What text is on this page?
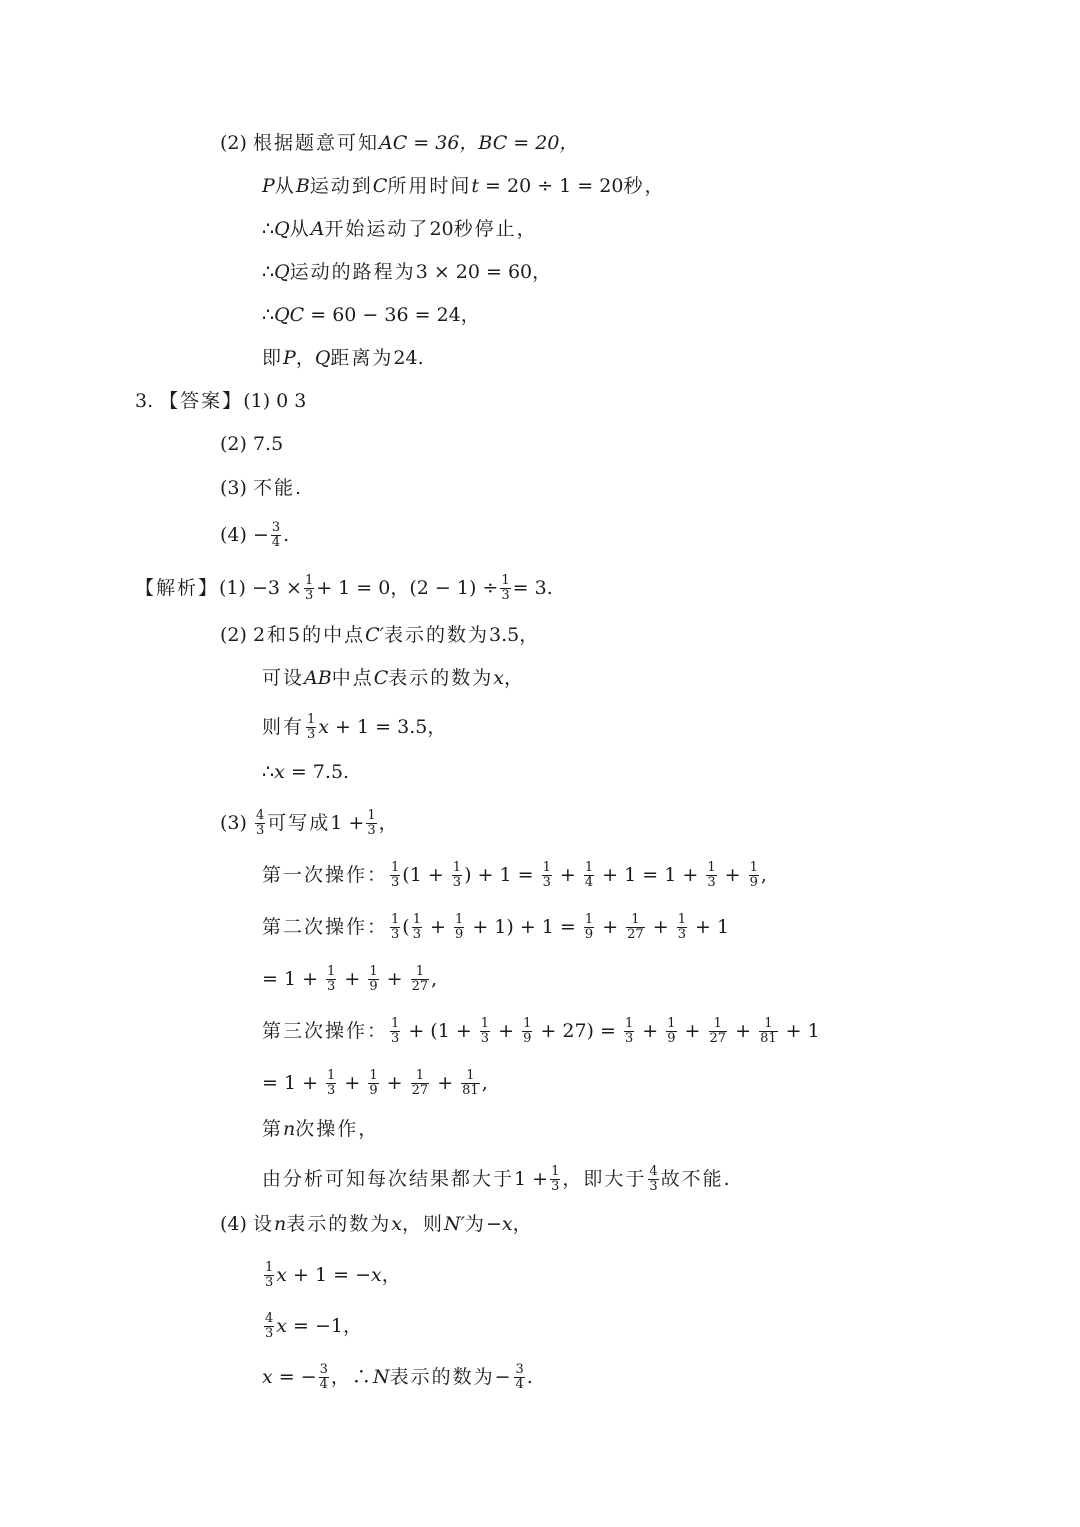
(2) 根据题意可知AC = 36，BC = 20，
P从B运动到C所用时间t = 20 ÷ 1 = 20秒，
∴Q从A开始运动了20秒停止，
∴Q运动的路程为3 × 20 = 60，
∴QC = 60 − 36 = 24，
即P，Q距离为24.
3. 【答案】(1) 0 3
(2) 7.5
(3) 不能.
$(4) - \frac{3}{4}$ .
【解析】$(1) -3 \times \frac{1}{3} + 1 = 0$，$(2 - 1) \div \frac{1}{3} = 3$.
(2) 2和5的中点C′表示的数为3.5，
可设AB中点C表示的数为x，
则有 $\frac{1}{3}$ x + 1 = 3.5，
∴x = 7.5.
$(3) \frac{4}{3}$ 可写成$1 + \frac{1}{3}$ ，
第一次操作： $\frac{1}{3} (1 + \frac{1}{3}$ ) + $1 = \frac{1}{3} + \frac{1}{4} + 1 = 1 + \frac{1}{3} + \frac{1}{9}$ ,
第二次操作： $\frac{1}{3}$ ( $\frac{1}{3} + \frac{1}{9} + 1) + 1 = \frac{1}{9} + \frac{1}{27} + \frac{1}{3} + 1$
= $1 + \frac{1}{3} + \frac{1}{9} + \frac{1}{27}$ ,
第三次操作： $\frac{1}{3} + (1 + \frac{1}{3} + \frac{1}{9} + 27) = \frac{1}{3} + \frac{1}{9} + \frac{1}{27} + \frac{1}{81} + 1$
= $1 + \frac{1}{3} + \frac{1}{9} + \frac{1}{27} + \frac{1}{81}$ ,
第n次操作，
由分析可知每次结果都大于$1 + \frac{1}{3}$ ，即大于 $\frac{4}{3}$ 故不能.
(4) 设n表示的数为x，则N′为−x，
$\frac{1}{3}$ x + 1 = −x，
$\frac{4}{3}$ x = −1，
x = − $\frac{3}{4}$ ，∴N表示的数为− $\frac{3}{4}$ .
